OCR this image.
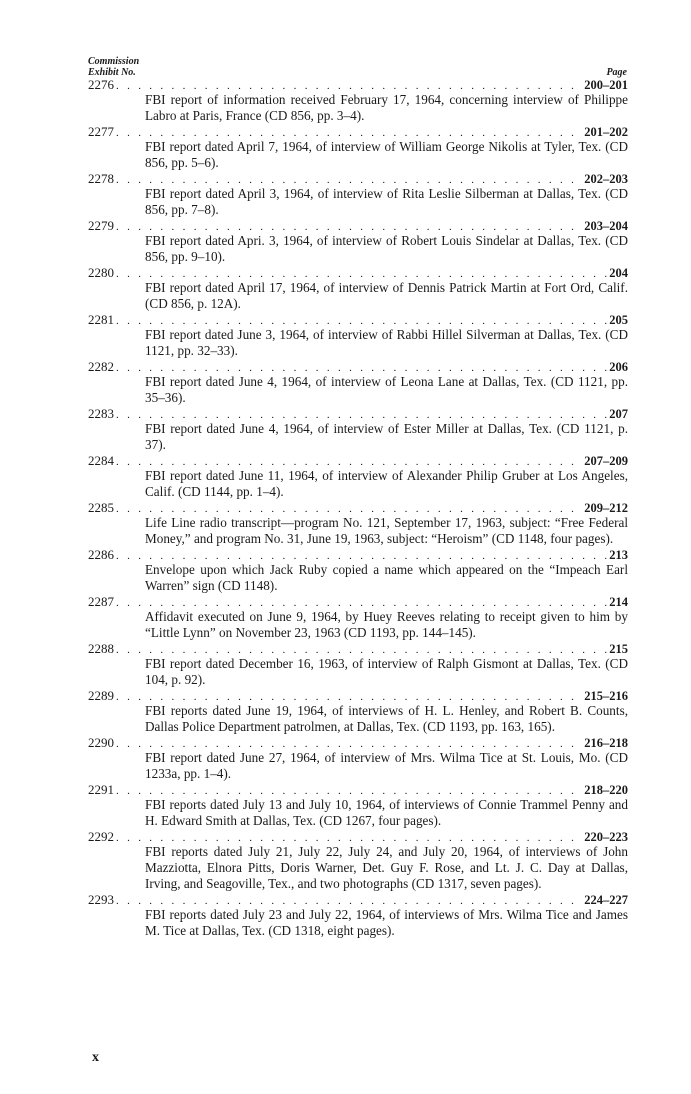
Commission
Exhibit No.	Page
2276 . . .	200–201
FBI report of information received February 17, 1964, concerning interview of Philippe Labro at Paris, France (CD 856, pp. 3–4).
2277 . . .	201–202
FBI report dated April 7, 1964, of interview of William George Nikolis at Tyler, Tex. (CD 856, pp. 5–6).
2278 . . .	202–203
FBI report dated April 3, 1964, of interview of Rita Leslie Silberman at Dallas, Tex. (CD 856, pp. 7–8).
2279 . . .	203–204
FBI report dated Apri. 3, 1964, of interview of Robert Louis Sindelar at Dallas, Tex. (CD 856, pp. 9–10).
2280 . . .	204
FBI report dated April 17, 1964, of interview of Dennis Patrick Martin at Fort Ord, Calif. (CD 856, p. 12A).
2281 . . .	205
FBI report dated June 3, 1964, of interview of Rabbi Hillel Silverman at Dallas, Tex. (CD 1121, pp. 32–33).
2282 . . .	206
FBI report dated June 4, 1964, of interview of Leona Lane at Dallas, Tex. (CD 1121, pp. 35–36).
2283 . . .	207
FBI report dated June 4, 1964, of interview of Ester Miller at Dallas, Tex. (CD 1121, p. 37).
2284 . . .	207–209
FBI report dated June 11, 1964, of interview of Alexander Philip Gruber at Los Angeles, Calif. (CD 1144, pp. 1–4).
2285 . . .	209–212
Life Line radio transcript—program No. 121, September 17, 1963, subject: “Free Federal Money,” and program No. 31, June 19, 1963, subject: “Heroism” (CD 1148, four pages).
2286 . . .	213
Envelope upon which Jack Ruby copied a name which appeared on the “Impeach Earl Warren” sign (CD 1148).
2287 . . .	214
Affidavit executed on June 9, 1964, by Huey Reeves relating to receipt given to him by “Little Lynn” on November 23, 1963 (CD 1193, pp. 144–145).
2288 . . .	215
FBI report dated December 16, 1963, of interview of Ralph Gismont at Dallas, Tex. (CD 104, p. 92).
2289 . . .	215–216
FBI reports dated June 19, 1964, of interviews of H. L. Henley, and Robert B. Counts, Dallas Police Department patrolmen, at Dallas, Tex. (CD 1193, pp. 163, 165).
2290 . . .	216–218
FBI report dated June 27, 1964, of interview of Mrs. Wilma Tice at St. Louis, Mo. (CD 1233a, pp. 1–4).
2291 . . .	218–220
FBI reports dated July 13 and July 10, 1964, of interviews of Connie Trammel Penny and H. Edward Smith at Dallas, Tex. (CD 1267, four pages).
2292 . . .	220–223
FBI reports dated July 21, July 22, July 24, and July 20, 1964, of interviews of John Mazziotta, Elnora Pitts, Doris Warner, Det. Guy F. Rose, and Lt. J. C. Day at Dallas, Irving, and Seagoville, Tex., and two photographs (CD 1317, seven pages).
2293 . . .	224–227
FBI reports dated July 23 and July 22, 1964, of interviews of Mrs. Wilma Tice and James M. Tice at Dallas, Tex. (CD 1318, eight pages).
x
